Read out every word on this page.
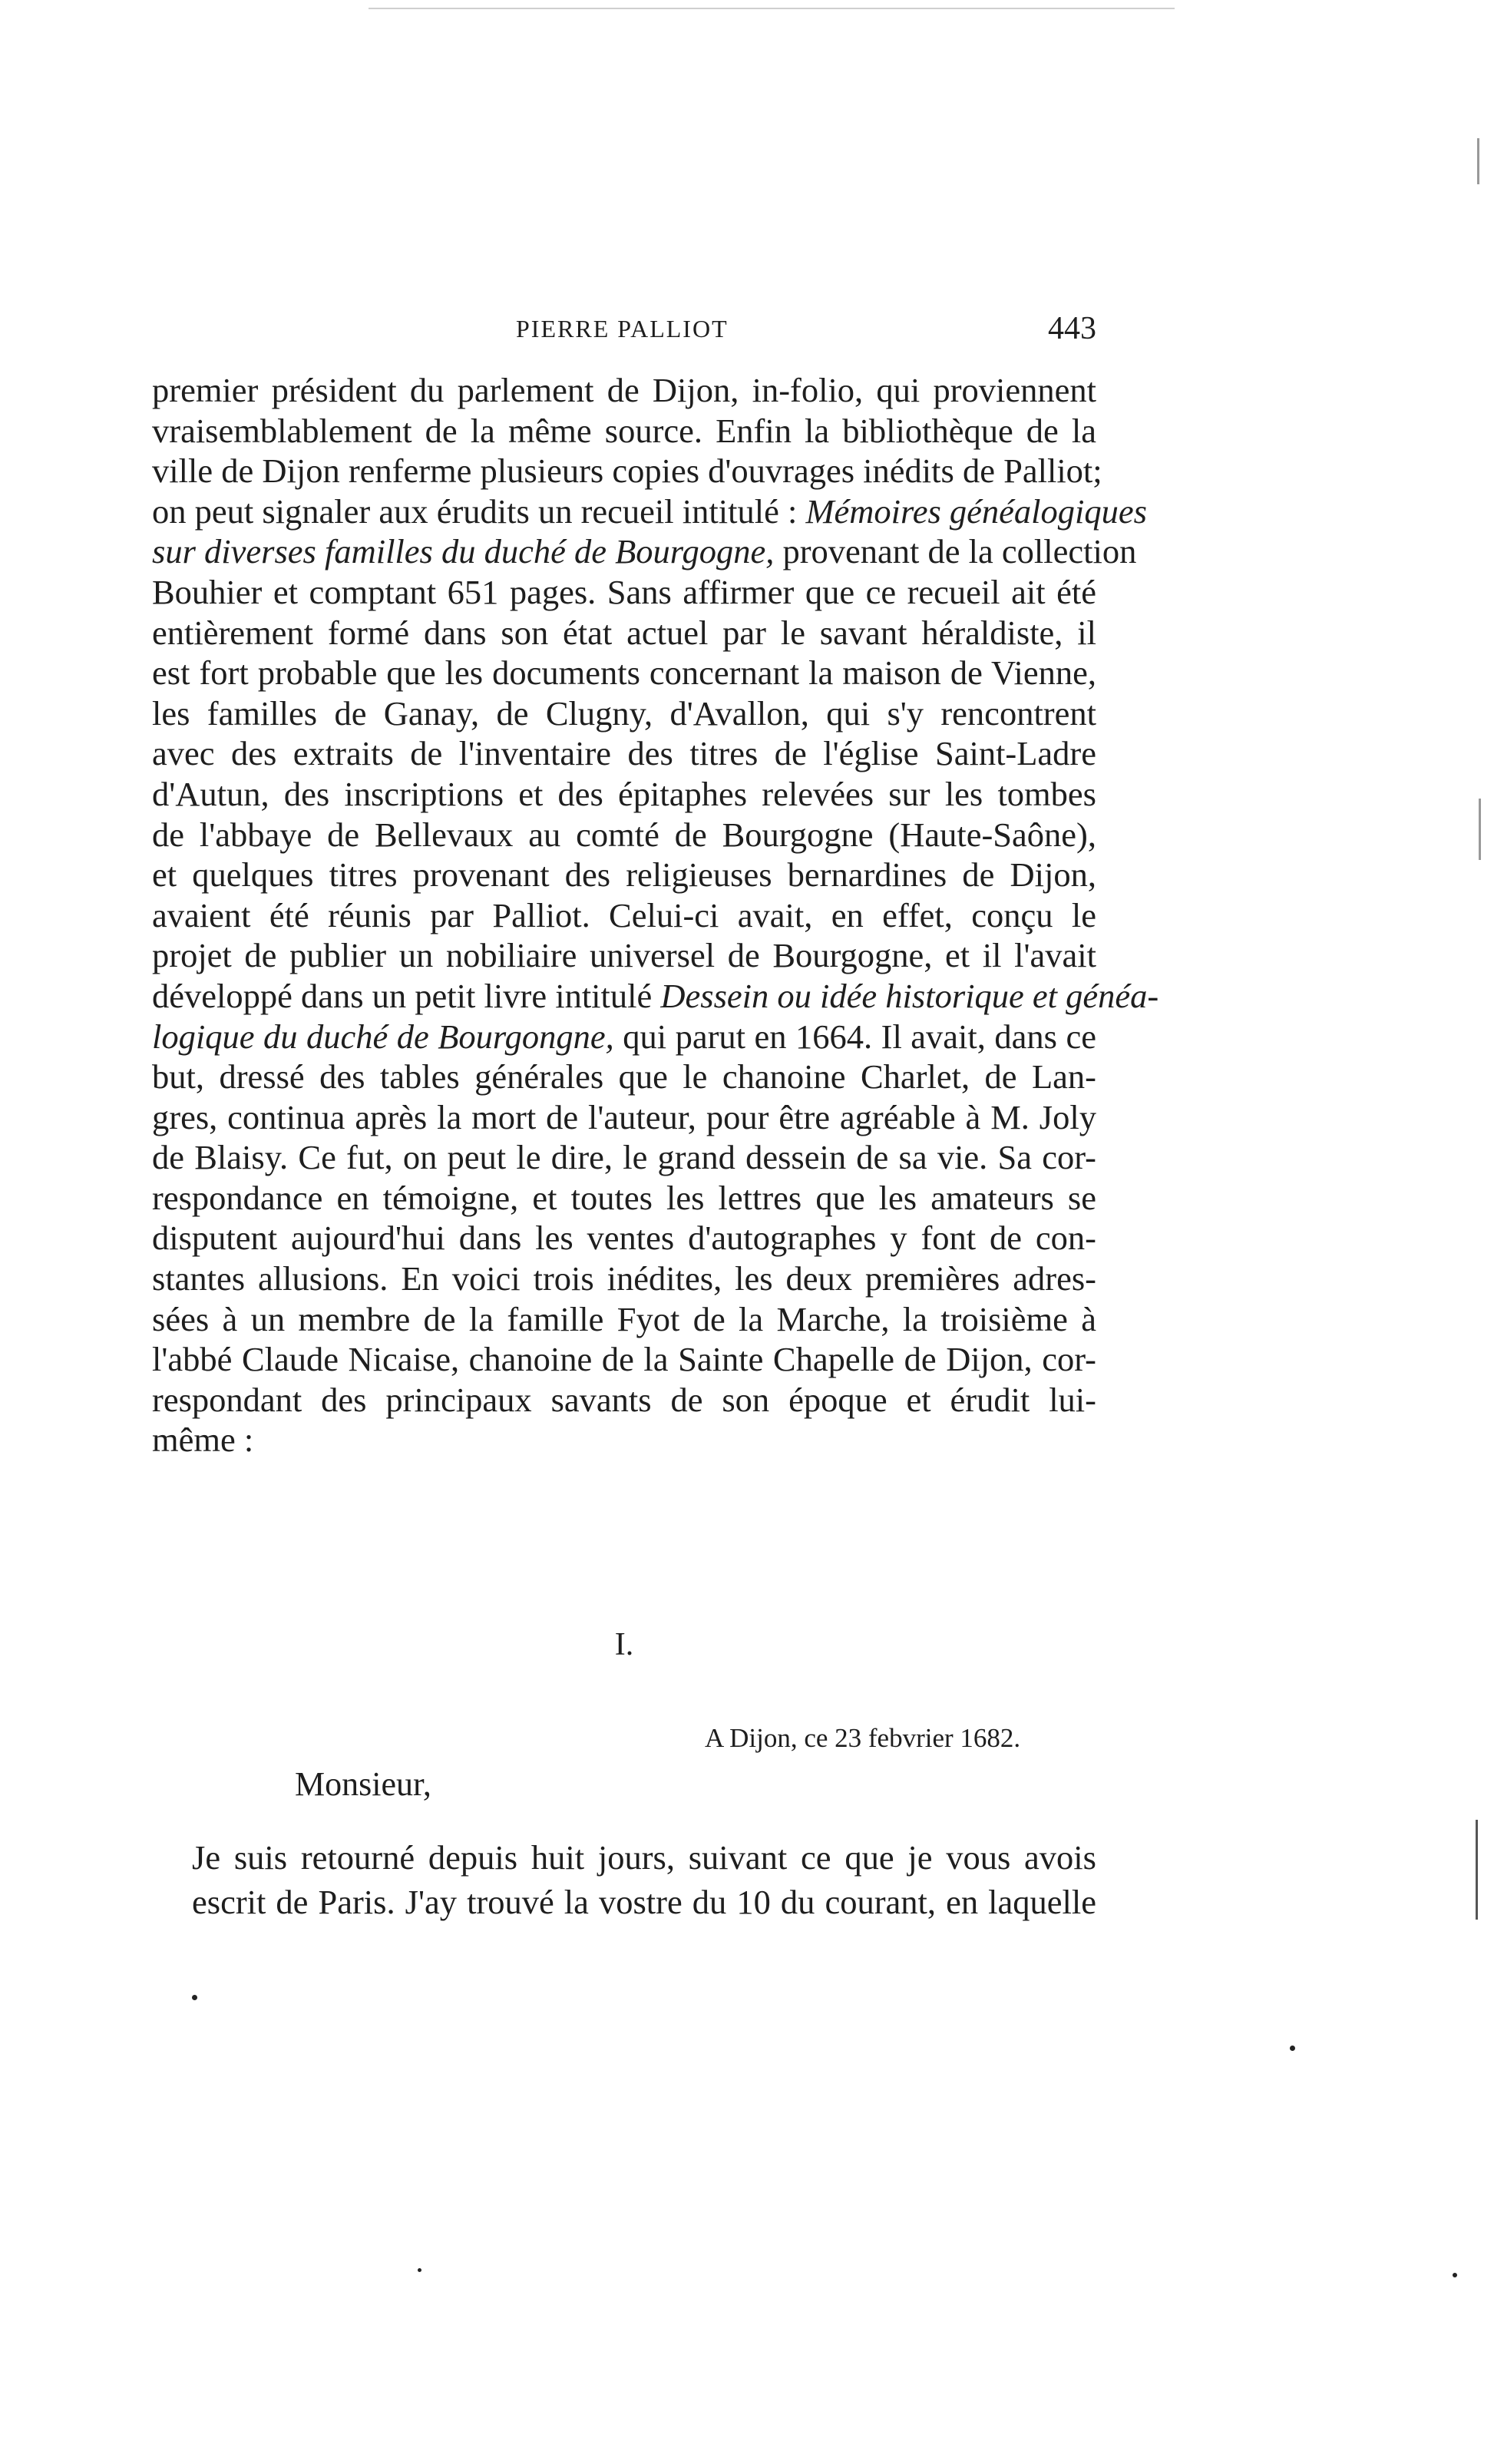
PIERRE PALLIOT	443
premier président du parlement de Dijon, in-folio, qui proviennent
vraisemblablement de la même source. Enfin la bibliothèque de la
ville de Dijon renferme plusieurs copies d'ouvrages inédits de Palliot;
on peut signaler aux érudits un recueil intitulé : Mémoires généalogiques
sur diverses familles du duché de Bourgogne, provenant de la collection
Bouhier et comptant 651 pages. Sans affirmer que ce recueil ait été
entièrement formé dans son état actuel par le savant héraldiste, il
est fort probable que les documents concernant la maison de Vienne,
les familles de Ganay, de Clugny, d'Avallon, qui s'y rencontrent
avec des extraits de l'inventaire des titres de l'église Saint-Ladre
d'Autun, des inscriptions et des épitaphes relevées sur les tombes
de l'abbaye de Bellevaux au comté de Bourgogne (Haute-Saône),
et quelques titres provenant des religieuses bernardines de Dijon,
avaient été réunis par Palliot. Celui-ci avait, en effet, conçu le
projet de publier un nobiliaire universel de Bourgogne, et il l'avait
développé dans un petit livre intitulé Dessein ou idée historique et généa-
logique du duché de Bourgongne, qui parut en 1664. Il avait, dans ce
but, dressé des tables générales que le chanoine Charlet, de Lan-
gres, continua après la mort de l'auteur, pour être agréable à M. Joly
de Blaisy. Ce fut, on peut le dire, le grand dessein de sa vie. Sa cor-
respondance en témoigne, et toutes les lettres que les amateurs se
disputent aujourd'hui dans les ventes d'autographes y font de con-
stantes allusions. En voici trois inédites, les deux premières adres-
sées à un membre de la famille Fyot de la Marche, la troisième à
l'abbé Claude Nicaise, chanoine de la Sainte Chapelle de Dijon, cor-
respondant des principaux savants de son époque et érudit lui-
même :
I.
A Dijon, ce 23 febvrier 1682.
Monsieur,
Je suis retourné depuis huit jours, suivant ce que je vous avois
escrit de Paris. J'ay trouvé la vostre du 10 du courant, en laquelle
